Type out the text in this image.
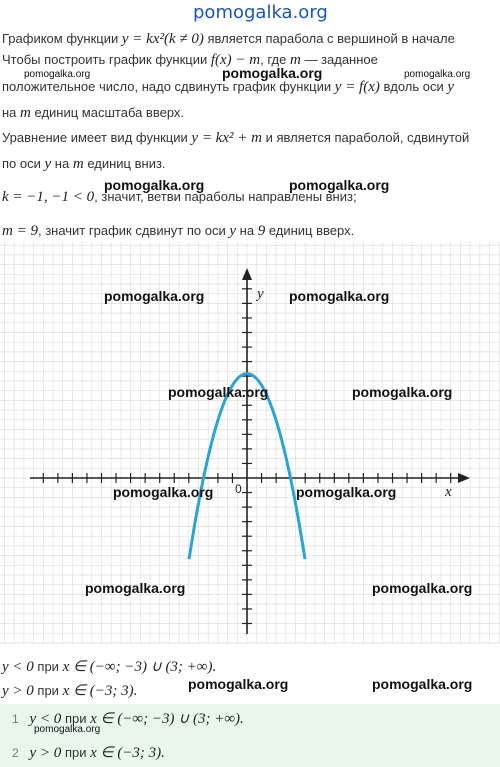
pomogalka.org
Графиком функции y = kx²(k ≠ 0) является парабола с вершиной в начале
Чтобы построить график функции f(x) − m, где m — заданное
положительное число, надо сдвинуть график функции y = f(x) вдоль оси y
на m единиц масштаба вверх.
Уравнение имеет вид функции y = kx² + m и является параболой, сдвинутой
по оси y на m единиц вниз.
k = −1, −1 < 0, значит, ветви параболы направлены вниз;
m = 9, значит график сдвинут по оси y на 9 единиц вверх.
x
y
0
y < 0 при x ∈ (−∞; −3) ∪ (3; +∞).
y > 0 при x ∈ (−3; 3).
1 y < 0 при x ∈ (−∞; −3) ∪ (3; +∞).
2 y > 0 при x ∈ (−3; 3).
pomogalka.org	pomogalka.org	pomogalka.org
pomogalka.org	pomogalka.org
pomogalka.org	pomogalka.org
pomogalka.org	pomogalka.org
pomogalka.org	pomogalka.org
pomogalka.org	pomogalka.org
pomogalka.org	pomogalka.org
pomogalka.org
